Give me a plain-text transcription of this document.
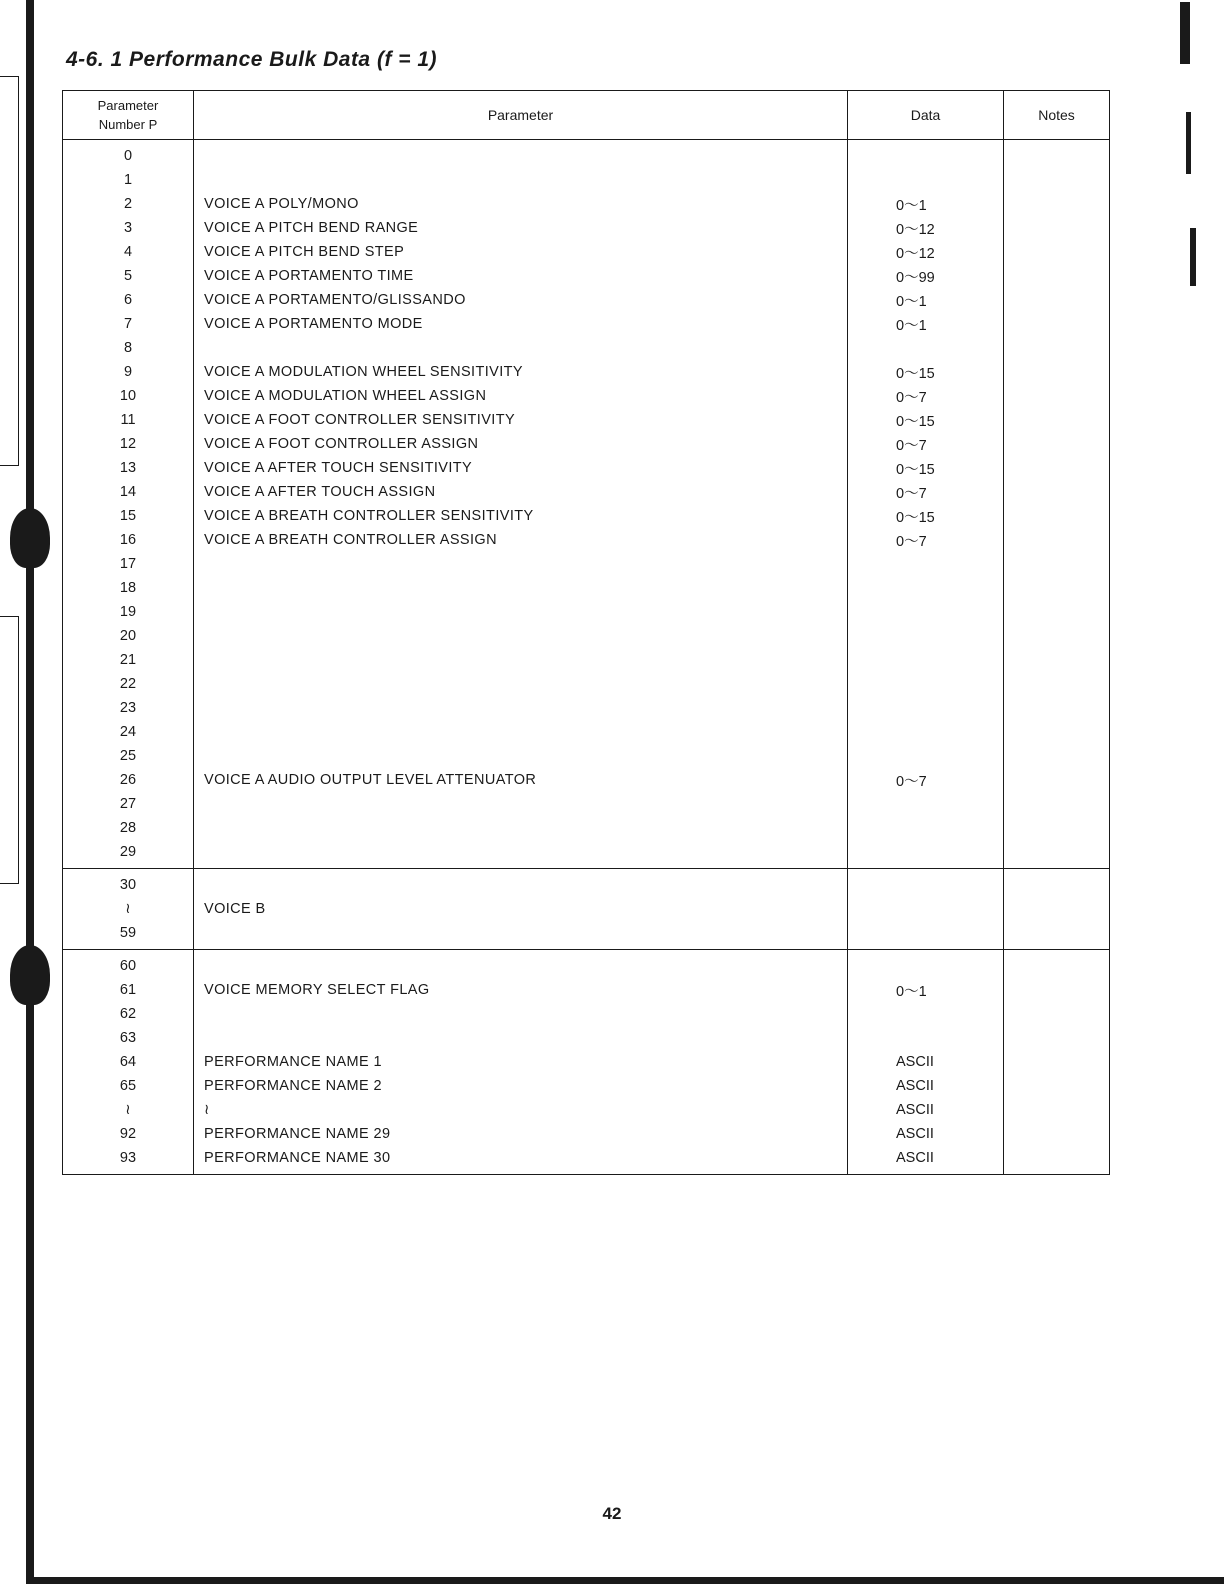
4-6. 1 Performance Bulk Data (f = 1)
Parameter
Number P
Parameter	Data	Notes
0
1
2
3
4
5
6
7
8
9
10
11
12
13
14
15
16
17
18
19
20
21
22
23
24
25
26
27
28
29
VOICE A POLY/MONO
VOICE A PITCH BEND RANGE
VOICE A PITCH BEND STEP
VOICE A PORTAMENTO TIME
VOICE A PORTAMENTO/GLISSANDO
VOICE A PORTAMENTO MODE
VOICE A MODULATION WHEEL SENSITIVITY
VOICE A MODULATION WHEEL ASSIGN
VOICE A FOOT CONTROLLER SENSITIVITY
VOICE A FOOT CONTROLLER ASSIGN
VOICE A AFTER TOUCH SENSITIVITY
VOICE A AFTER TOUCH ASSIGN
VOICE A BREATH CONTROLLER SENSITIVITY
VOICE A BREATH CONTROLLER ASSIGN
VOICE A AUDIO OUTPUT LEVEL ATTENUATOR
0～1
0～12
0～12
0～99
0～1
0～1
0～15
0～7
0～15
0～7
0～15
0～7
0～15
0～7
0～7
30
≀
59
VOICE B
60
61
62
63
64
65
≀
92
93
VOICE MEMORY SELECT FLAG
PERFORMANCE NAME 1
PERFORMANCE NAME 2
≀
PERFORMANCE NAME 29
PERFORMANCE NAME 30
0～1
ASCII
ASCII
ASCII
ASCII
ASCII
42
